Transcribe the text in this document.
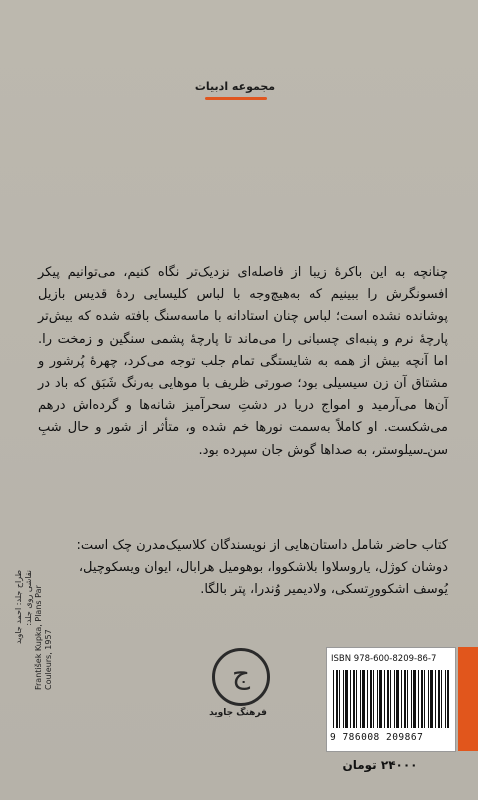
مجموعه ادبیات
چنانچه به این باکرهٔ زیبا از فاصله‌ای نزدیک‌تر نگاه کنیم، می‌توانیم پیکر افسونگرش را ببینیم که به‌هیچ‌وجه با لباس کلیسایی ردهٔ قدیس بازیل پوشانده نشده است؛ لباس چنان استادانه با ماسه‌سنگ بافته شده که بیش‌تر پارچهٔ نرم و پنبه‌ای چسبانی را می‌ماند تا پارچهٔ پشمی سنگین و زمخت را. اما آنچه بیش از همه به شایستگی تمام جلب توجه می‌کرد، چهرهٔ پُرشور و مشتاق آن زن سیسیلی بود؛ صورتی ظریف با موهایی به‌رنگ شَبَق که باد در آن‌ها می‌آرمید و امواج دریا در دشتِ سحرآمیز شانه‌ها و گرده‌اش درهم می‌شکست. او کاملاً به‌سمت نورها خم شده و، متأثر از شور و حال شبِ سن‌ـ‌سیلوستر، به صداها گوش جان سپرده بود.

کتاب حاضر شامل داستان‌هایی از نویسندگان کلاسیک‌مدرن چک است:

دوشان کوژل، یاروسلاوا بلاشکووا، بوهومیل هرابال، ایوان ویسکوچیل،

یُوسف اشکوورِتسکی، ولادیمیر وُندرا، پتر بالگا.

طراح جلد: احمد جاوید نقاشی روی جلد: František Kupka, Plans Par Couleurs, 1957	ج
فرهنگ جاوید
ISBN 978-600-8209-86-7
9 786008 209867
۲۴۰۰۰ تومان
